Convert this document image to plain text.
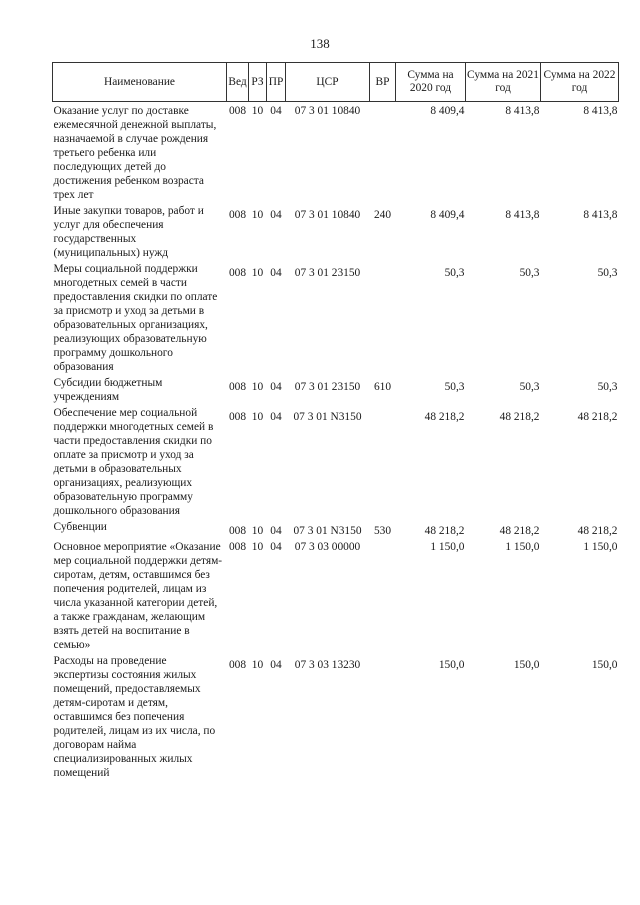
138
Наименование	Вед	РЗ	ПР	ЦСР	ВР	Сумма на 2020 год	Сумма на 2021 год	Сумма на 2022 год
Оказание услуг по доставке ежемесячной денежной выплаты, назначаемой в случае рождения третьего ребенка или последующих детей до достижения ребенком возраста трех лет	008	10	04	07 3 01 10840		8 409,4	8 413,8	8 413,8
Иные закупки товаров, работ и услуг для обеспечения государственных (муниципальных) нужд	008	10	04	07 3 01 10840	240	8 409,4	8 413,8	8 413,8
Меры социальной поддержки многодетных семей в части предоставления скидки по оплате за присмотр и уход за детьми в образовательных организациях, реализующих образовательную программу дошкольного образования	008	10	04	07 3 01 23150		50,3	50,3	50,3
Субсидии бюджетным учреждениям	008	10	04	07 3 01 23150	610	50,3	50,3	50,3
Обеспечение мер социальной поддержки многодетных семей в части предоставления скидки по оплате за присмотр и уход за детьми в образовательных организациях, реализующих образовательную программу дошкольного образования	008	10	04	07 3 01 N3150		48 218,2	48 218,2	48 218,2
Субвенции	008	10	04	07 3 01 N3150	530	48 218,2	48 218,2	48 218,2
Основное мероприятие «Оказание мер социальной поддержки детям-сиротам, детям, оставшимся без попечения родителей, лицам из числа указанной категории детей, а также гражданам, желающим взять детей на воспитание в семью»	008	10	04	07 3 03 00000		1 150,0	1 150,0	1 150,0
Расходы на проведение экспертизы состояния жилых помещений, предоставляемых детям-сиротам и детям, оставшимся без попечения родителей, лицам из их числа, по договорам найма специализированных жилых помещений	008	10	04	07 3 03 13230		150,0	150,0	150,0
